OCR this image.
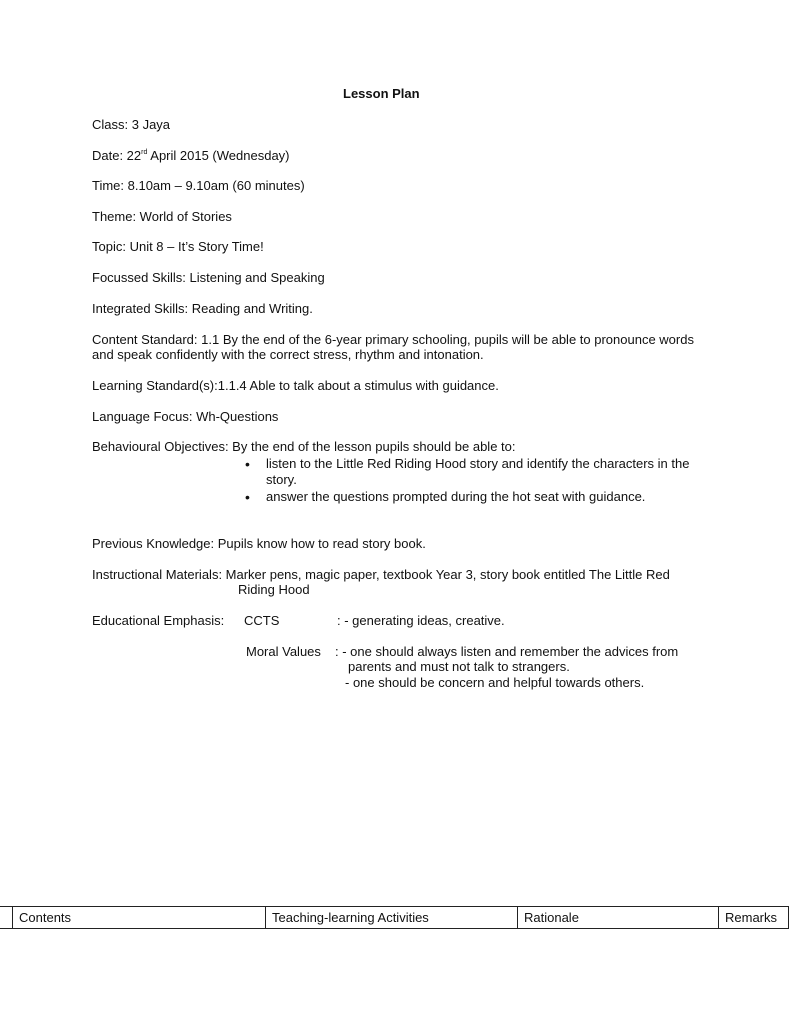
Lesson Plan
Class: 3 Jaya
Date: 22rd April 2015 (Wednesday)
Time: 8.10am – 9.10am (60 minutes)
Theme: World of Stories
Topic: Unit 8 – It’s Story Time!
Focussed Skills: Listening and Speaking
Integrated Skills: Reading and Writing.
Content Standard: 1.1 By the end of the 6-year primary schooling, pupils will be able to pronounce words
and speak confidently with the correct stress, rhythm and intonation.
Learning Standard(s):1.1.4 Able to talk about a stimulus with guidance.
Language Focus: Wh-Questions
Behavioural Objectives: By the end of the lesson pupils should be able to:
• listen to the Little Red Riding Hood story and identify the characters in the
story.
• answer the questions prompted during the hot seat with guidance.
Previous Knowledge: Pupils know how to read story book.
Instructional Materials: Marker pens, magic paper, textbook Year 3, story book entitled The Little Red
Riding Hood
Educational Emphasis: CCTS	: - generating ideas, creative.
Moral Values : - one should always listen and remember the advices from
parents and must not talk to strangers.
- one should be concern and helpful towards others.
	Contents	Teaching-learning Activities	Rationale	Remarks
